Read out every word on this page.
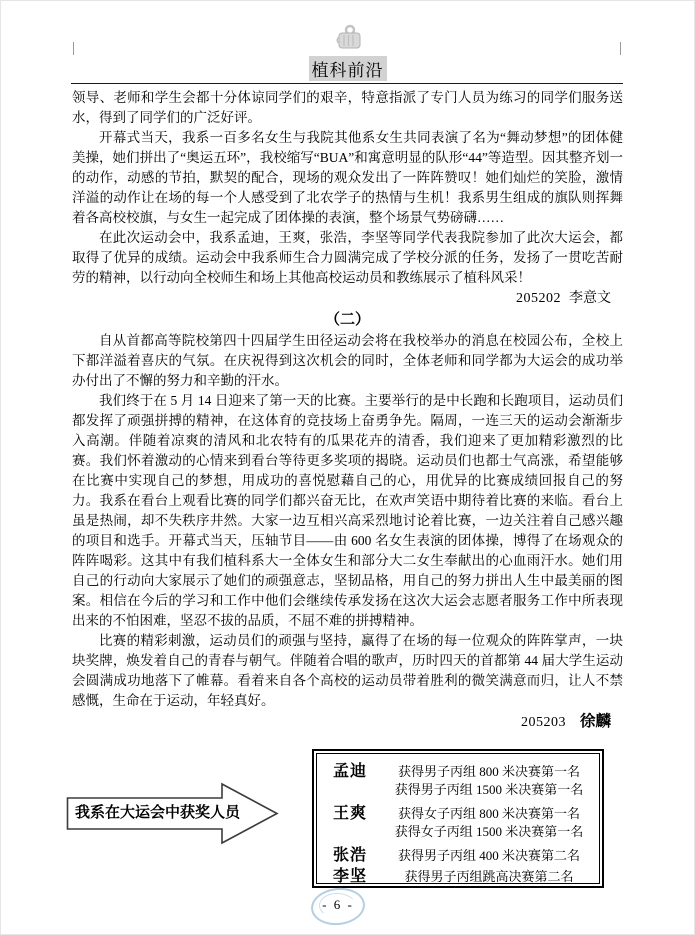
植科前沿
领导、老师和学生会都十分体谅同学们的艰辛，特意指派了专门人员为练习的同学们服务送水，得到了同学们的广泛好评。
开幕式当天，我系一百多名女生与我院其他系女生共同表演了名为“舞动梦想”的团体健美操，她们拼出了“奥运五环”，我校缩写“BUA”和寓意明显的队形“44”等造型。因其整齐划一的动作，动感的节拍，默契的配合，现场的观众发出了一阵阵赞叹！她们灿烂的笑脸，激情洋溢的动作让在场的每一个人感受到了北农学子的热情与生机！我系男生组成的旗队则挥舞着各高校校旗，与女生一起完成了团体操的表演，整个场景气势磅礴……
在此次运动会中，我系孟迪，王爽，张浩，李坚等同学代表我院参加了此次大运会，都取得了优异的成绩。运动会中我系师生合力圆满完成了学校分派的任务，发扬了一贯吃苦耐劳的精神，以行动向全校师生和场上其他高校运动员和教练展示了植科风采！
205202 李意文
（二）
自从首都高等院校第四十四届学生田径运动会将在我校举办的消息在校园公布，全校上下都洋溢着喜庆的气氛。在庆祝得到这次机会的同时，全体老师和同学都为大运会的成功举办付出了不懈的努力和辛勤的汗水。
我们终于在 5 月 14 日迎来了第一天的比赛。主要举行的是中长跑和长跑项目，运动员们都发挥了顽强拼搏的精神，在这体育的竞技场上奋勇争先。隔周，一连三天的运动会渐渐步入高潮。伴随着凉爽的清风和北农特有的瓜果花卉的清香，我们迎来了更加精彩激烈的比赛。我们怀着激动的心情来到看台等待更多奖项的揭晓。运动员们也都士气高涨，希望能够在比赛中实现自己的梦想，用成功的喜悦慰藉自己的心，用优异的比赛成绩回报自己的努力。我系在看台上观看比赛的同学们都兴奋无比，在欢声笑语中期待着比赛的来临。看台上虽是热闹，却不失秩序井然。大家一边互相兴高采烈地讨论着比赛，一边关注着自己感兴趣的项目和选手。开幕式当天，压轴节目——由 600 名女生表演的团体操，博得了在场观众的阵阵喝彩。这其中有我们植科系大一全体女生和部分大二女生奉献出的心血雨汗水。她们用自己的行动向大家展示了她们的顽强意志，坚韧品格，用自己的努力拼出人生中最美丽的图案。相信在今后的学习和工作中他们会继续传承发扬在这次大运会志愿者服务工作中所表现出来的不怕困难，坚忍不拔的品质，不屈不难的拼搏精神。
比赛的精彩刺激，运动员们的顽强与坚持，赢得了在场的每一位观众的阵阵掌声，一块块奖牌，焕发着自己的青春与朝气。伴随着合唱的歌声，历时四天的首都第 44 届大学生运动会圆满成功地落下了帷幕。看着来自各个高校的运动员带着胜利的微笑满意而归，让人不禁感慨，生命在于运动，年轻真好。
205203 徐麟
我系在大运会中获奖人员
孟迪	获得男子丙组 800 米决赛第一名
获得男子丙组 1500 米决赛第一名
王爽	获得女子丙组 800 米决赛第一名
获得女子丙组 1500 米决赛第一名
张浩	获得男子丙组 400 米决赛第二名
李坚	获得男子丙组跳高决赛第二名
- 6 -
